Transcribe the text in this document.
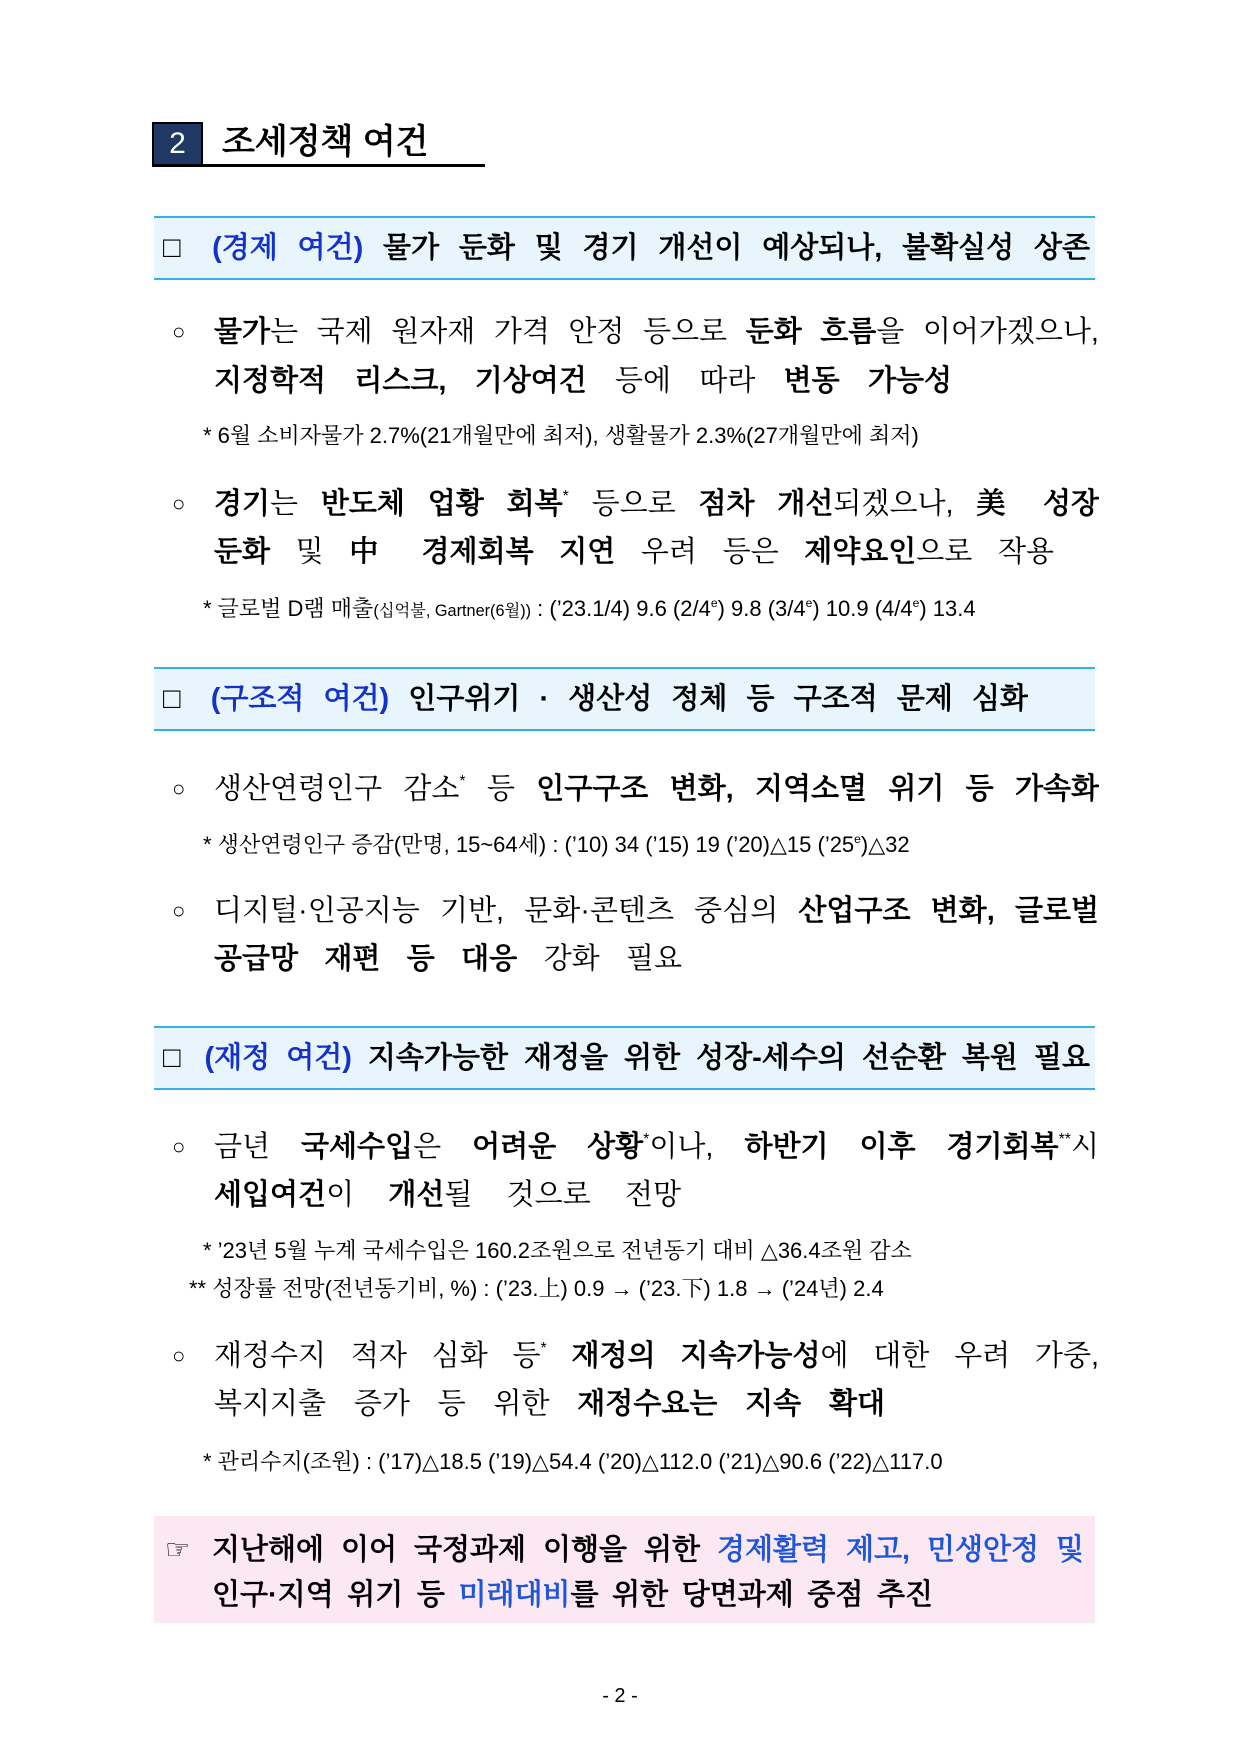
2	조세정책 여건
□ (경제 여건) 물가 둔화 및 경기 개선이 예상되나, 불확실성 상존
○ 물가는 국제 원자재 가격 안정 등으로 둔화 흐름을 이어가겠으나,
지정학적 리스크, 기상여건 등에 따라 변동 가능성
* 6월 소비자물가 2.7%(21개월만에 최저), 생활물가 2.3%(27개월만에 최저)
○ 경기는 반도체 업황 회복* 등으로 점차 개선되겠으나, 美 성장
둔화 및 中 경제회복 지연 우려 등은 제약요인으로 작용
* 글로벌 D램 매출(십억불, Gartner(6월)) : (’23.1/4) 9.6 (2/4e) 9.8 (3/4e) 10.9 (4/4e) 13.4
□ (구조적 여건) 인구위기 · 생산성 정체 등 구조적 문제 심화
○ 생산연령인구 감소* 등 인구구조 변화, 지역소멸 위기 등 가속화
* 생산연령인구 증감(만명, 15~64세) : (’10) 34 (’15) 19 (’20)△15 (’25e)△32
○ 디지털·인공지능 기반, 문화·콘텐츠 중심의 산업구조 변화, 글로벌
공급망 재편 등 대응 강화 필요
□ (재정 여건) 지속가능한 재정을 위한 성장-세수의 선순환 복원 필요
○ 금년 국세수입은 어려운 상황*이나, 하반기 이후 경기회복**시
세입여건이 개선될 것으로 전망
* ’23년 5월 누계 국세수입은 160.2조원으로 전년동기 대비 △36.4조원 감소
** 성장률 전망(전년동기비, %) : (’23.上) 0.9 → (’23.下) 1.8 → (’24년) 2.4
○ 재정수지 적자 심화 등* 재정의 지속가능성에 대한 우려 가중,
복지지출 증가 등 위한 재정수요는 지속 확대
* 관리수지(조원) : (’17)△18.5 (’19)△54.4 (’20)△112.0 (’21)△90.6 (’22)△117.0
☞ 지난해에 이어 국정과제 이행을 위한 경제활력 제고, 민생안정 및
인구·지역 위기 등 미래대비를 위한 당면과제 중점 추진
- 2 -
